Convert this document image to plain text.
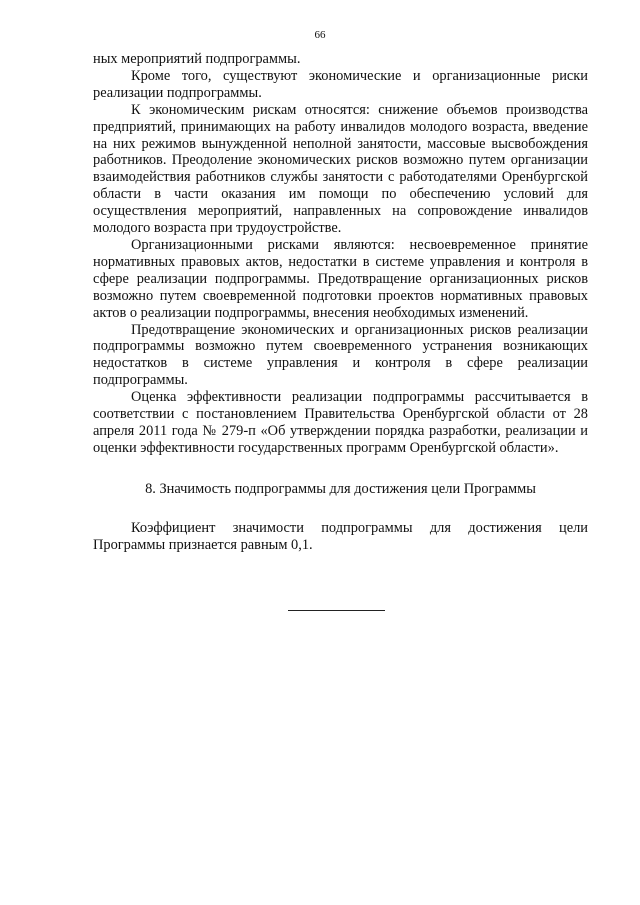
66

ных мероприятий подпрограммы.

Кроме того, существуют экономические и организационные риски реализации подпрограммы.

К экономическим рискам относятся: снижение объемов производства предприятий, принимающих на работу инвалидов молодого возраста, введение на них режимов вынужденной неполной занятости, массовые высвобождения работников. Преодоление экономических рисков возможно путем организации взаимодействия работников службы занятости с работодателями Оренбургской области в части оказания им помощи по обеспечению условий для осуществления мероприятий, направленных на сопровождение инвалидов молодого возраста при трудоустройстве.

Организационными рисками являются: несвоевременное принятие нормативных правовых актов, недостатки в системе управления и контроля в сфере реализации подпрограммы. Предотвращение организационных рисков возможно путем своевременной подготовки проектов нормативных правовых актов о реализации подпрограммы, внесения необходимых изменений.

Предотвращение экономических и организационных рисков реализации подпрограммы возможно путем своевременного устранения возникающих недостатков в системе управления и контроля в сфере реализации подпрограммы.

Оценка эффективности реализации подпрограммы рассчитывается в соответствии с постановлением Правительства Оренбургской области от 28 апреля 2011 года № 279-п «Об утверждении порядка разработки, реализации и оценки эффективности государственных программ Оренбургской области».

8. Значимость подпрограммы для достижения цели Программы

Коэффициент значимости подпрограммы для достижения цели Программы признается равным 0,1.
